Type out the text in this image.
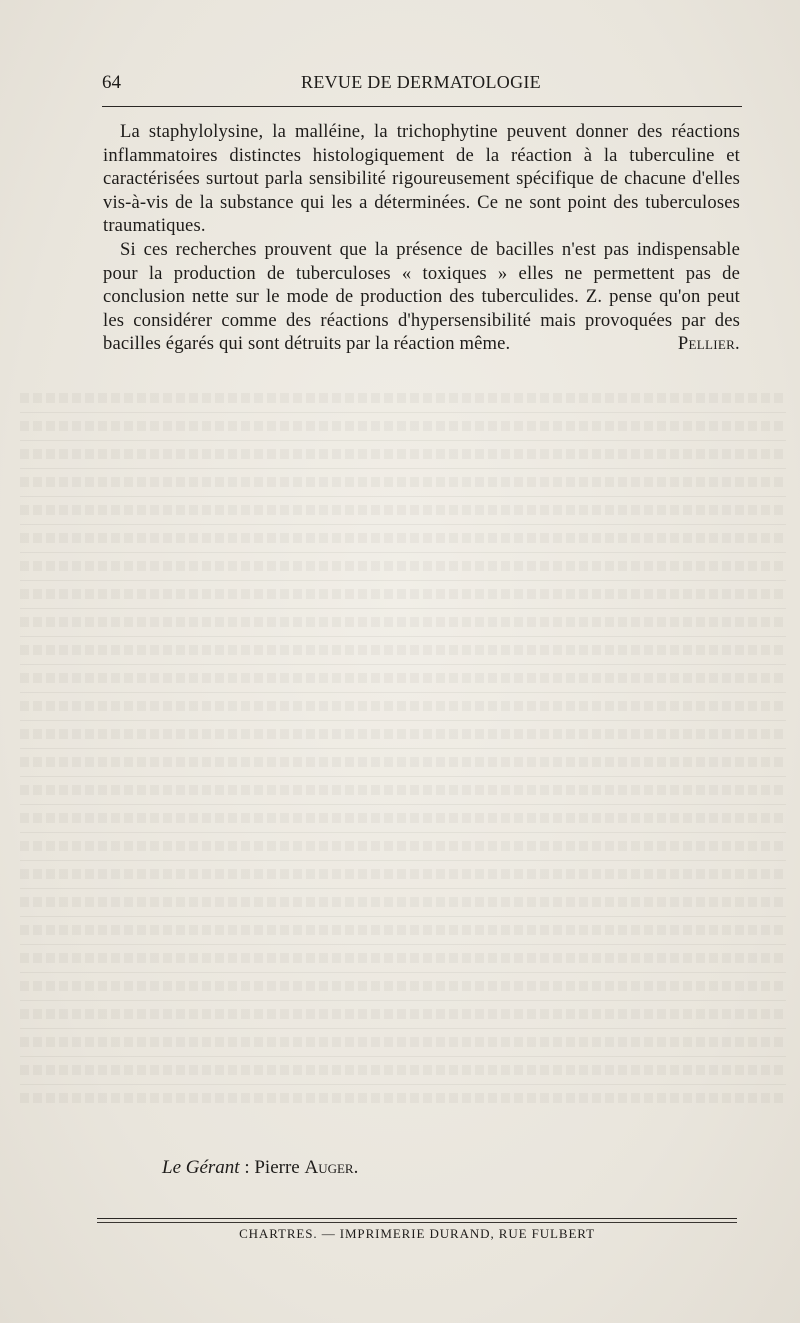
64	REVUE DE DERMATOLOGIE

La staphylolysine, la malléine, la trichophytine peuvent donner des réactions inflammatoires distinctes histologiquement de la réaction à la tuberculine et caractérisées surtout parla sensibilité rigoureusement spécifique de chacune d'elles vis-à-vis de la substance qui les a déterminées. Ce ne sont point des tuberculoses traumatiques.

Si ces recherches prouvent que la présence de bacilles n'est pas indispensable pour la production de tuberculoses « toxiques » elles ne permettent pas de conclusion nette sur le mode de production des tuberculides. Z. pense qu'on peut les considérer comme des réactions d'hypersensibilité mais provoquées par des bacilles égarés qui sont détruits par la réaction même.	Pellier.

Le Gérant : Pierre Auger.
CHARTRES. — IMPRIMERIE DURAND, RUE FULBERT
